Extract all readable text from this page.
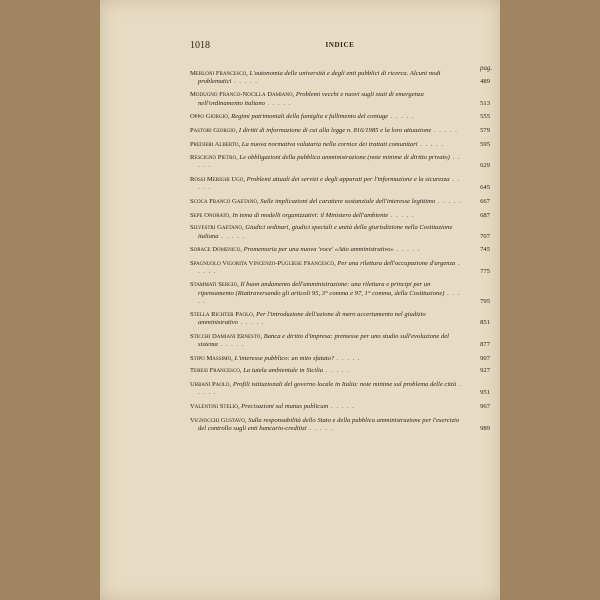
1018	INDICE
pag.
Merloni Francesco, L'autonomia delle università e degli enti pubblici di ricerca. Alcuni nodi problematici . . . . .	489
Modugno Franco-Nocilla Damiano, Problemi vecchi e nuovi sugli stati di emergenza nell'ordinamento italiano . . . . .	513
Oppo Giorgio, Regimi patrimoniali della famiglia e fallimento del coniuge . . . . .	555
Pastori Giorgio, I diritti di informazione di cui alla legge n. 816/1985 e la loro attuazione . . . . .	579
Predieri Alberto, La nuova normativa valutaria nella cornice dei trattati comunitari . . . . .	595
Rescigno Pietro, Le obbligazioni della pubblica amministrazione (note minime di diritto privato) . . . . .	629
Rossi Merighi Ugo, Problemi attuali dei servizi e degli apparati per l'informazione e la sicurezza . . . . .	645
Scoca Franco Gaetano, Sulle implicazioni del carattere sostanziale dell'interesse legittimo . . . . .	667
Sepe Onorato, In tema di modelli organizzativi: il Ministero dell'ambiente . . . . .	687
Silvestri Gaetano, Giudici ordinari, giudici speciali e unità della giurisdizione nella Costituzione italiana . . . . .	707
Sorace Domenico, Promemoria per una nuova 'voce' «Atto amministrativo» . . . . .	745
Spagnuolo Vigorita Vincenzo-Pugliese Francesco, Per una rilettura dell'occupazione d'urgenza . . . . .	775
Stammati Sergio, Il buon andamento dell'amministrazione: una rilettura e principi per un ripensamento (Riattraversando gli articoli 95, 3° comma e 97, 1° comma, della Costituzione) . . . . .	795
Stella Richter Paolo, Per l'introduzione dell'azione di mero accertamento nel giudizio amministrativo . . . . .	851
Sticchi Damiani Ernesto, Banca e diritto d'impresa: premesse per uno studio sull'evoluzione del sistema . . . . .	877
Stipo Massimo, L'interesse pubblico: un mito sfatato? . . . . .	907
Teresi Francesco, La tutela ambientale in Sicilia . . . . .	927
Urbani Paolo, Profili istituzionali del governo locale in Italia: note minime sul problema delle città . . . . .	951
Valentini Stelio, Precisazioni sul munus publicum . . . . .	967
Vignocchi Gustavo, Sulla responsabilità dello Stato e della pubblica amministrazione per l'esercizio del controllo sugli enti bancario-creditizi . . . . .	989
